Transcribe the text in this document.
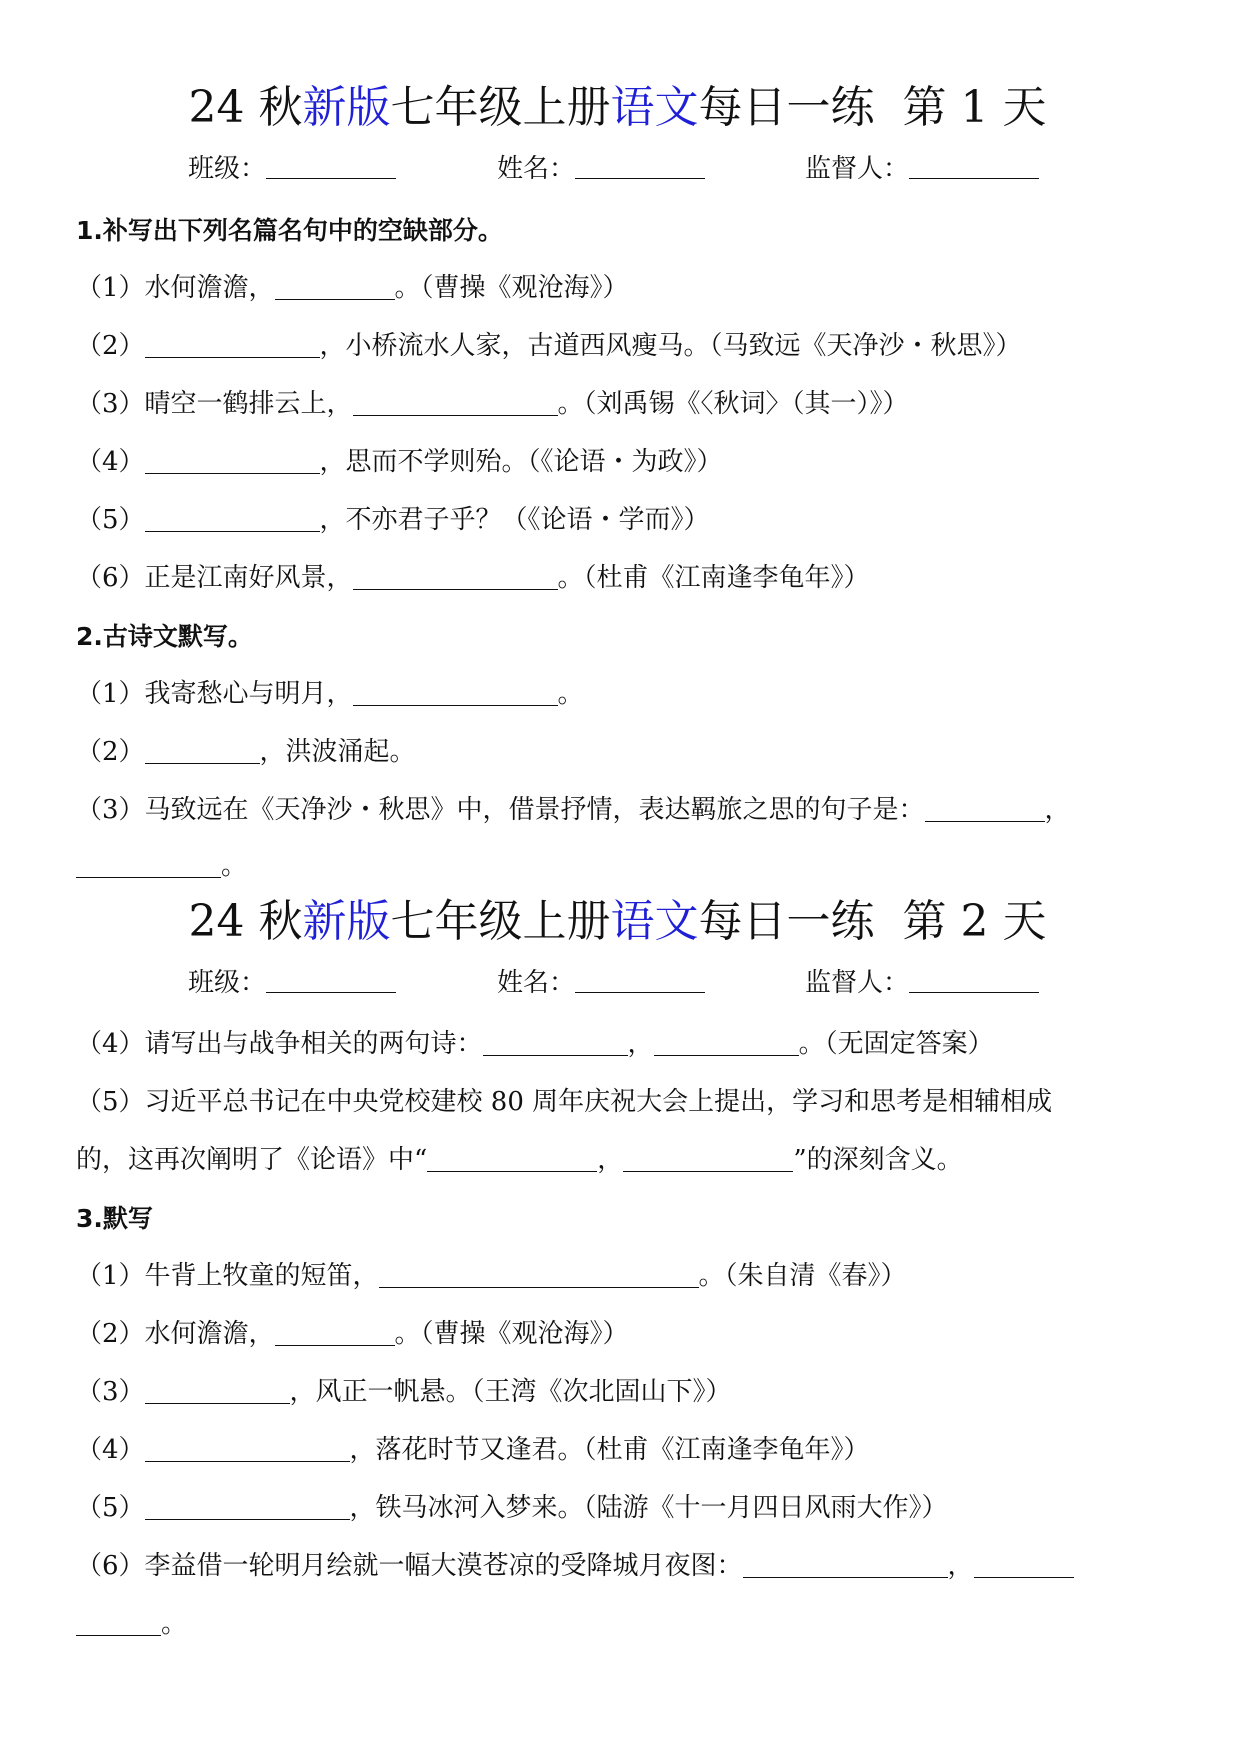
24 秋新版七年级上册语文每日一练  第 1 天
班级：	姓名：	监督人：
1.补写出下列名篇名句中的空缺部分。
（1）水何澹澹，	。（曹操《观沧海》）
（2）	，小桥流水人家，古道西风瘦马。（马致远《天净沙・秋思》）
（3）晴空一鹤排云上，	。（刘禹锡《〈秋词〉（其一）》）
（4）	，思而不学则殆。（《论语・为政》）
（5）	，不亦君子乎？（《论语・学而》）
（6）正是江南好风景，	。（杜甫《江南逢李龟年》）
2.古诗文默写。
（1）我寄愁心与明月，	。
（2）	，洪波涌起。
（3）马致远在《天净沙・秋思》中，借景抒情，表达羁旅之思的句子是：	，
。
24 秋新版七年级上册语文每日一练  第 2 天
班级：	姓名：	监督人：
（4）请写出与战争相关的两句诗：	，	。（无固定答案）
（5）习近平总书记在中央党校建校 80 周年庆祝大会上提出，学习和思考是相辅相成
的，这再次阐明了《论语》中“	，	”的深刻含义。
3.默写
（1）牛背上牧童的短笛，	。（朱自清《春》）
（2）水何澹澹，	。（曹操《观沧海》）
（3）	，风正一帆悬。（王湾《次北固山下》）
（4）	，落花时节又逢君。（杜甫《江南逢李龟年》）
（5）	，铁马冰河入梦来。（陆游《十一月四日风雨大作》）
（6）李益借一轮明月绘就一幅大漠苍凉的受降城月夜图：	，
。
